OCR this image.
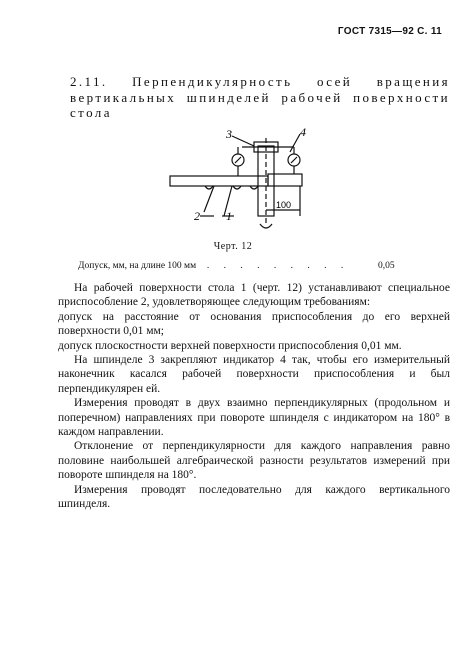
ГОСТ 7315—92 С. 11
2.11. Перпендикулярность осей вращения вертикальных шпинделей рабочей поверхности стола
3	4
2 1
100
Черт. 12
Допуск, мм, на длине 100 мм  . . . . . . . . .	0,05

На рабочей поверхности стола 1 (черт. 12) устанавливают специальное приспособление 2, удовлетворяющее следующим требованиям:

допуск на расстояние от основания приспособления до его верхней поверхности 0,01 мм;

допуск плоскостности верхней поверхности приспособления 0,01 мм.

На шпинделе 3 закрепляют индикатор 4 так, чтобы его измерительный наконечник касался рабочей поверхности приспособления и был перпендикулярен ей.

Измерения проводят в двух взаимно перпендикулярных (продольном и поперечном) направлениях при повороте шпинделя с индикатором на 180° в каждом направлении.

Отклонение от перпендикулярности для каждого направления равно половине наибольшей алгебраической разности результатов измерений при повороте шпинделя на 180°.

Измерения проводят последовательно для каждого вертикального шпинделя.
